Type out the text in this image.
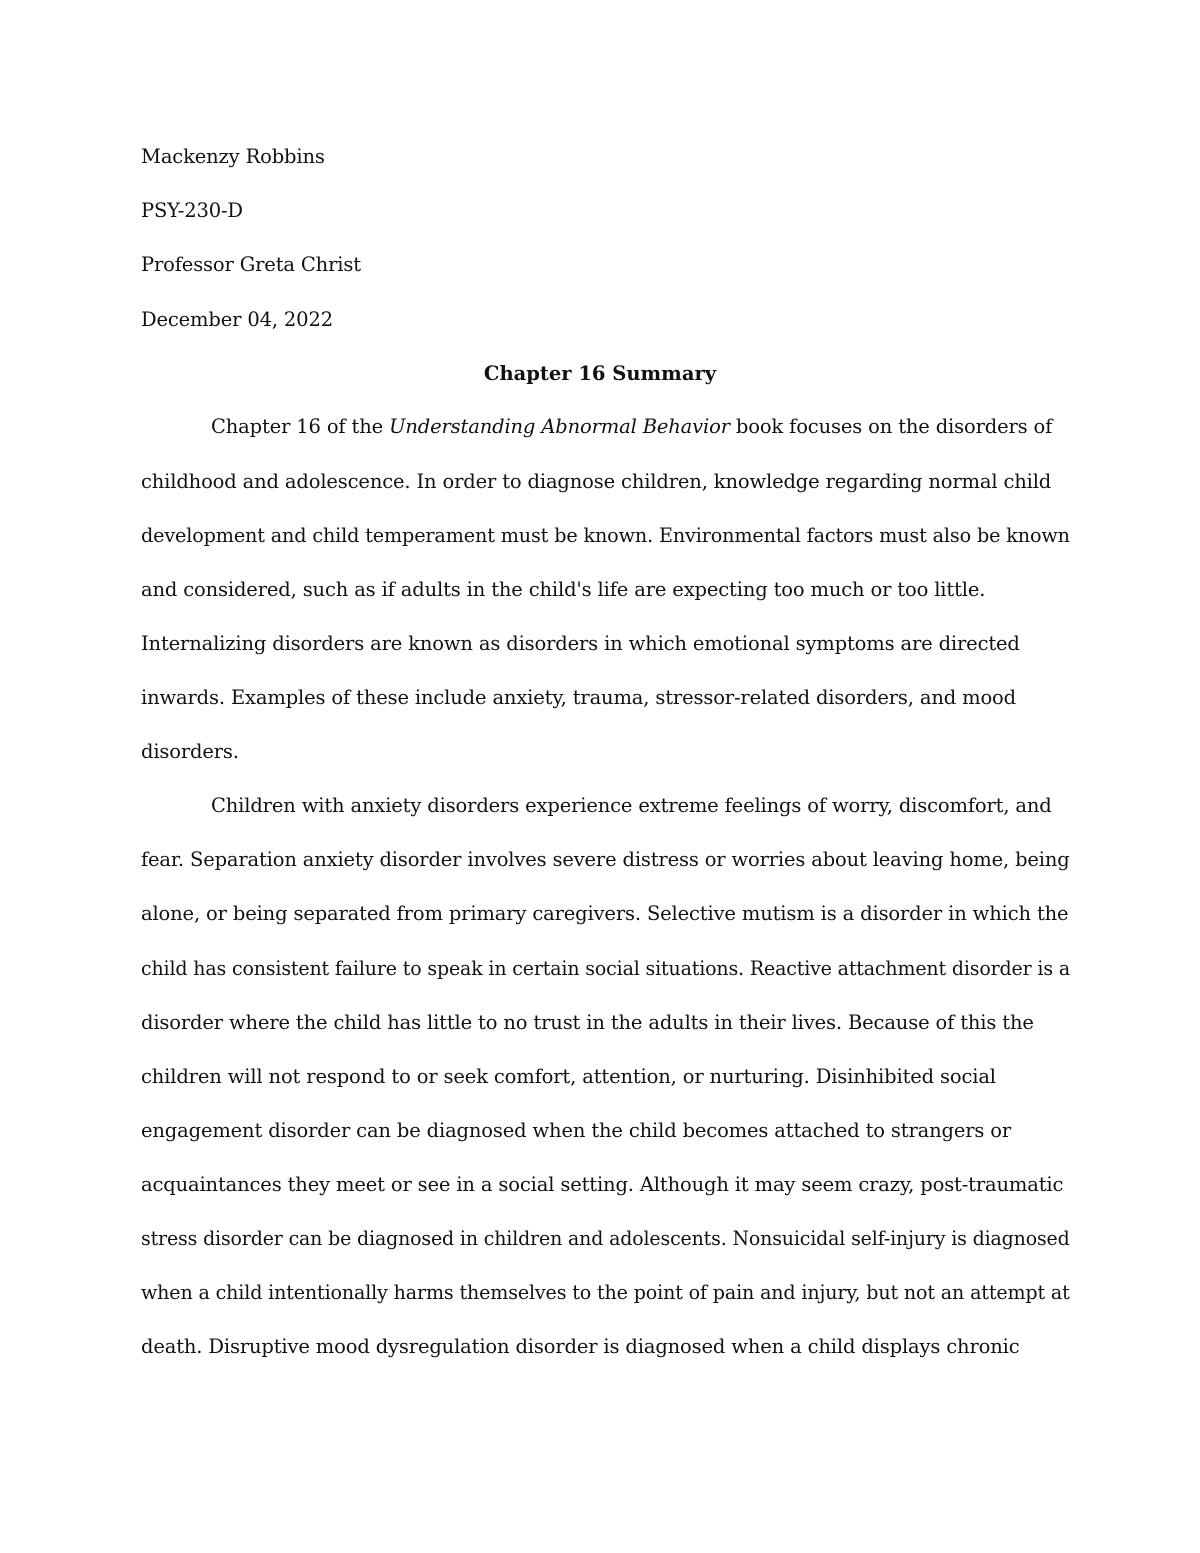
Mackenzy Robbins
PSY-230-D
Professor Greta Christ
December 04, 2022
Chapter 16 Summary
Chapter 16 of the Understanding Abnormal Behavior book focuses on the disorders of
childhood and adolescence. In order to diagnose children, knowledge regarding normal child
development and child temperament must be known. Environmental factors must also be known
and considered, such as if adults in the child's life are expecting too much or too little.
Internalizing disorders are known as disorders in which emotional symptoms are directed
inwards. Examples of these include anxiety, trauma, stressor-related disorders, and mood
disorders.
Children with anxiety disorders experience extreme feelings of worry, discomfort, and
fear. Separation anxiety disorder involves severe distress or worries about leaving home, being
alone, or being separated from primary caregivers. Selective mutism is a disorder in which the
child has consistent failure to speak in certain social situations. Reactive attachment disorder is a
disorder where the child has little to no trust in the adults in their lives. Because of this the
children will not respond to or seek comfort, attention, or nurturing. Disinhibited social
engagement disorder can be diagnosed when the child becomes attached to strangers or
acquaintances they meet or see in a social setting. Although it may seem crazy, post-traumatic
stress disorder can be diagnosed in children and adolescents. Nonsuicidal self-injury is diagnosed
when a child intentionally harms themselves to the point of pain and injury, but not an attempt at
death. Disruptive mood dysregulation disorder is diagnosed when a child displays chronic
